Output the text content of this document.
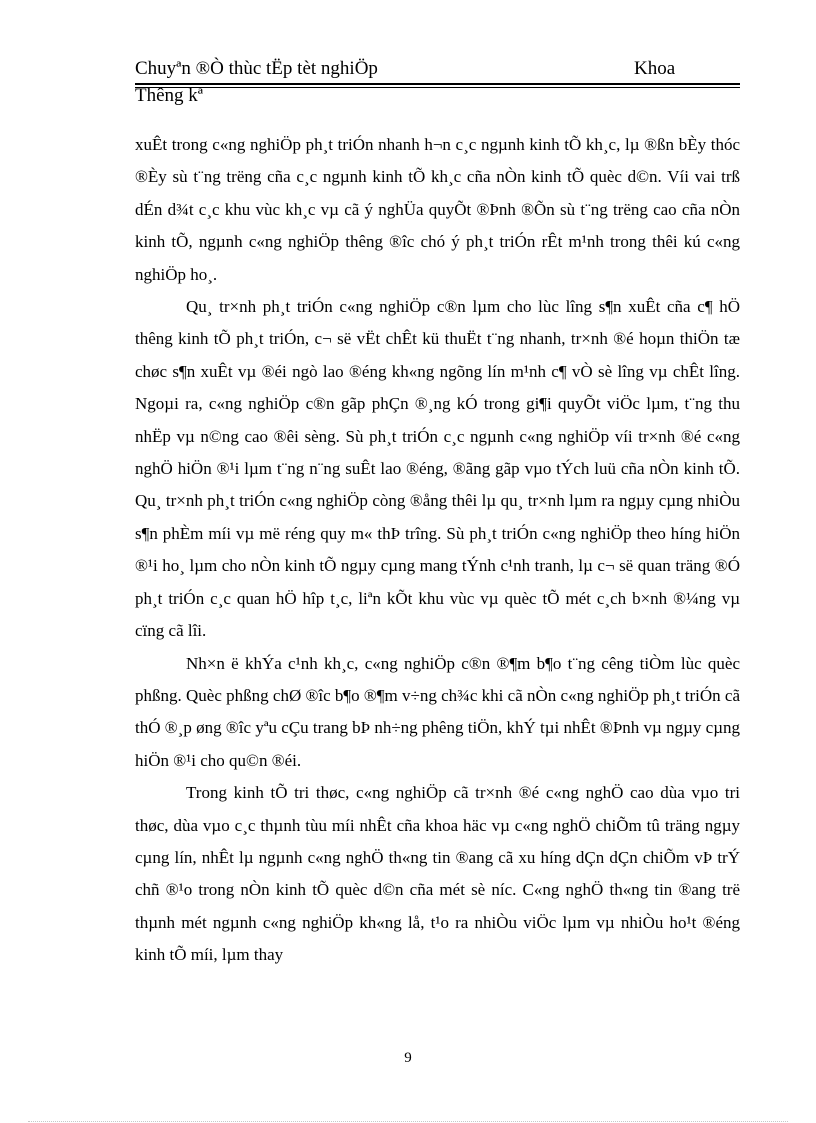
Chuyªn ®Ò thùc tËp tèt nghiÖp	Khoa
Thêng kª

xuÊt trong c«ng nghiÖp ph¸t triÓn nhanh h¬n c¸c ngµnh kinh tÕ kh¸c, lµ ®ßn bÈy thóc ®Èy sù t¨ng trëng cña c¸c ngµnh kinh tÕ kh¸c cña nÒn kinh tÕ quèc d©n. Víi vai trß dÉn d¾t c¸c khu vùc kh¸c vµ cã ý nghÜa quyÕt ®Þnh ®Õn sù t¨ng trëng cao cña nÒn kinh tÕ, ngµnh c«ng nghiÖp thêng ®îc chó ý ph¸t triÓn rÊt m¹nh trong thêi kú c«ng nghiÖp ho¸.

Qu¸ tr×nh ph¸t triÓn c«ng nghiÖp c®n lµm cho lùc lîng s¶n xuÊt cña c¶ hÖ thêng kinh tÕ ph¸t triÓn, c¬ së vËt chÊt kü thuËt t¨ng nhanh, tr×nh ®é hoµn thiÖn tæ chøc s¶n xuÊt vµ ®éi ngò lao ®éng kh«ng ngõng lín m¹nh c¶ vÒ sè lîng vµ chÊt lîng. Ngoµi ra, c«ng nghiÖp c®n gãp phÇn ®¸ng kÓ trong gi¶i quyÕt viÖc lµm, t¨ng thu nhËp vµ n©ng cao ®êi sèng. Sù ph¸t triÓn c¸c ngµnh c«ng nghiÖp víi tr×nh ®é c«ng nghÖ hiÖn ®¹i lµm t¨ng n¨ng suÊt lao ®éng, ®ãng gãp vµo tÝch luü cña nÒn kinh tÕ. Qu¸ tr×nh ph¸t triÓn c«ng nghiÖp còng ®ång thêi lµ qu¸ tr×nh lµm ra ngµy cµng nhiÒu s¶n phÈm míi vµ më réng quy m« thÞ trîng. Sù ph¸t triÓn c«ng nghiÖp theo híng hiÖn ®¹i ho¸ lµm cho nÒn kinh tÕ ngµy cµng mang tÝnh c¹nh tranh, lµ c¬ së quan träng ®Ó ph¸t triÓn c¸c quan hÖ hîp t¸c, liªn kÕt khu vùc vµ quèc tÕ mét c¸ch b×nh ®¼ng vµ cïng cã lîi.

Nh×n ë khÝa c¹nh kh¸c, c«ng nghiÖp c®n ®¶m b¶o t¨ng cêng tiÒm lùc quèc phßng. Quèc phßng chØ ®îc b¶o ®¶m v÷ng ch¾c khi cã nÒn c«ng nghiÖp ph¸t triÓn cã thÓ ®¸p øng ®îc yªu cÇu trang bÞ nh÷ng phêng tiÖn, khÝ tµi nhÊt ®Þnh vµ ngµy cµng hiÖn ®¹i cho qu©n ®éi.

Trong kinh tÕ tri thøc, c«ng nghiÖp cã tr×nh ®é c«ng nghÖ cao dùa vµo tri thøc, dùa vµo c¸c thµnh tùu míi nhÊt cña khoa häc vµ c«ng nghÖ chiÕm tû träng ngµy cµng lín, nhÊt lµ ngµnh c«ng nghÖ th«ng tin ®ang cã xu híng dÇn dÇn chiÕm vÞ trÝ chñ ®¹o trong nÒn kinh tÕ quèc d©n cña mét sè níc. C«ng nghÖ th«ng tin ®ang trë thµnh mét ngµnh c«ng nghiÖp kh«ng lå, t¹o ra nhiÒu viÖc lµm vµ nhiÒu ho¹t ®éng kinh tÕ míi, lµm thay

9
